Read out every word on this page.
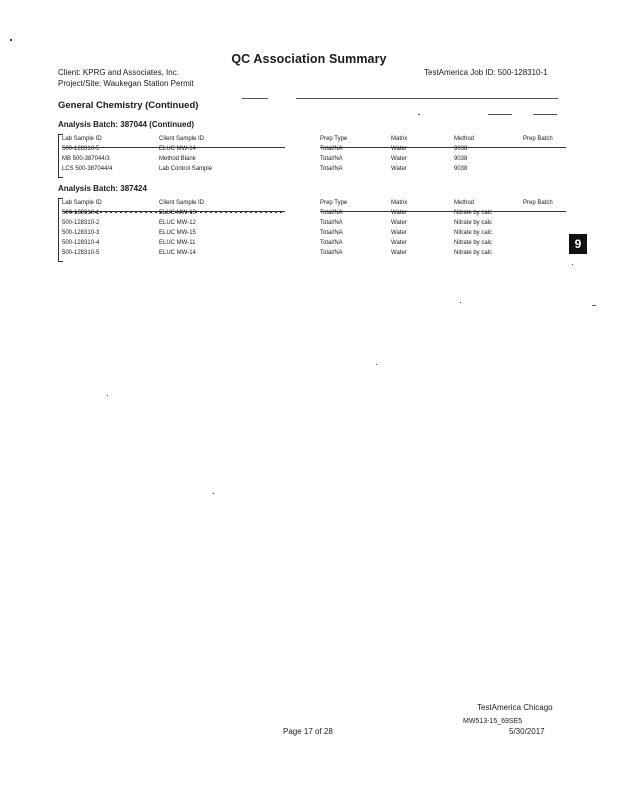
QC Association Summary
Client: KPRG and Associates, Inc.
Project/Site: Waukegan Station Permit
TestAmerica Job ID: 500-128310-1
General Chemistry (Continued)
Analysis Batch: 387044 (Continued)
Lab Sample ID	Client Sample ID	Prep Type	Matrix	Method	Prep Batch
500-128310-5	ELUC MW-14	Total/NA	Water	9038
MB 500-387044/3	Method Blank	Total/NA	Water	9038
LCS 500-387044/4	Lab Control Sample	Total/NA	Water	9038
Analysis Batch: 387424
Lab Sample ID	Client Sample ID	Prep Type	Matrix	Method	Prep Batch
500-128310-1	ELUC MW-10	Total/NA	Water	Nitrate by calc
500-128310-2	ELUC MW-12	Total/NA	Water	Nitrate by calc
500-128310-3	ELUC MW-15	Total/NA	Water	Nitrate by calc
500-128310-4	ELUC MW-11	Total/NA	Water	Nitrate by calc
500-128310-5	ELUC MW-14	Total/NA	Water	Nitrate by calc
9
TestAmerica Chicago
MW513-15_69SE5
Page 17 of 28	5/30/2017
